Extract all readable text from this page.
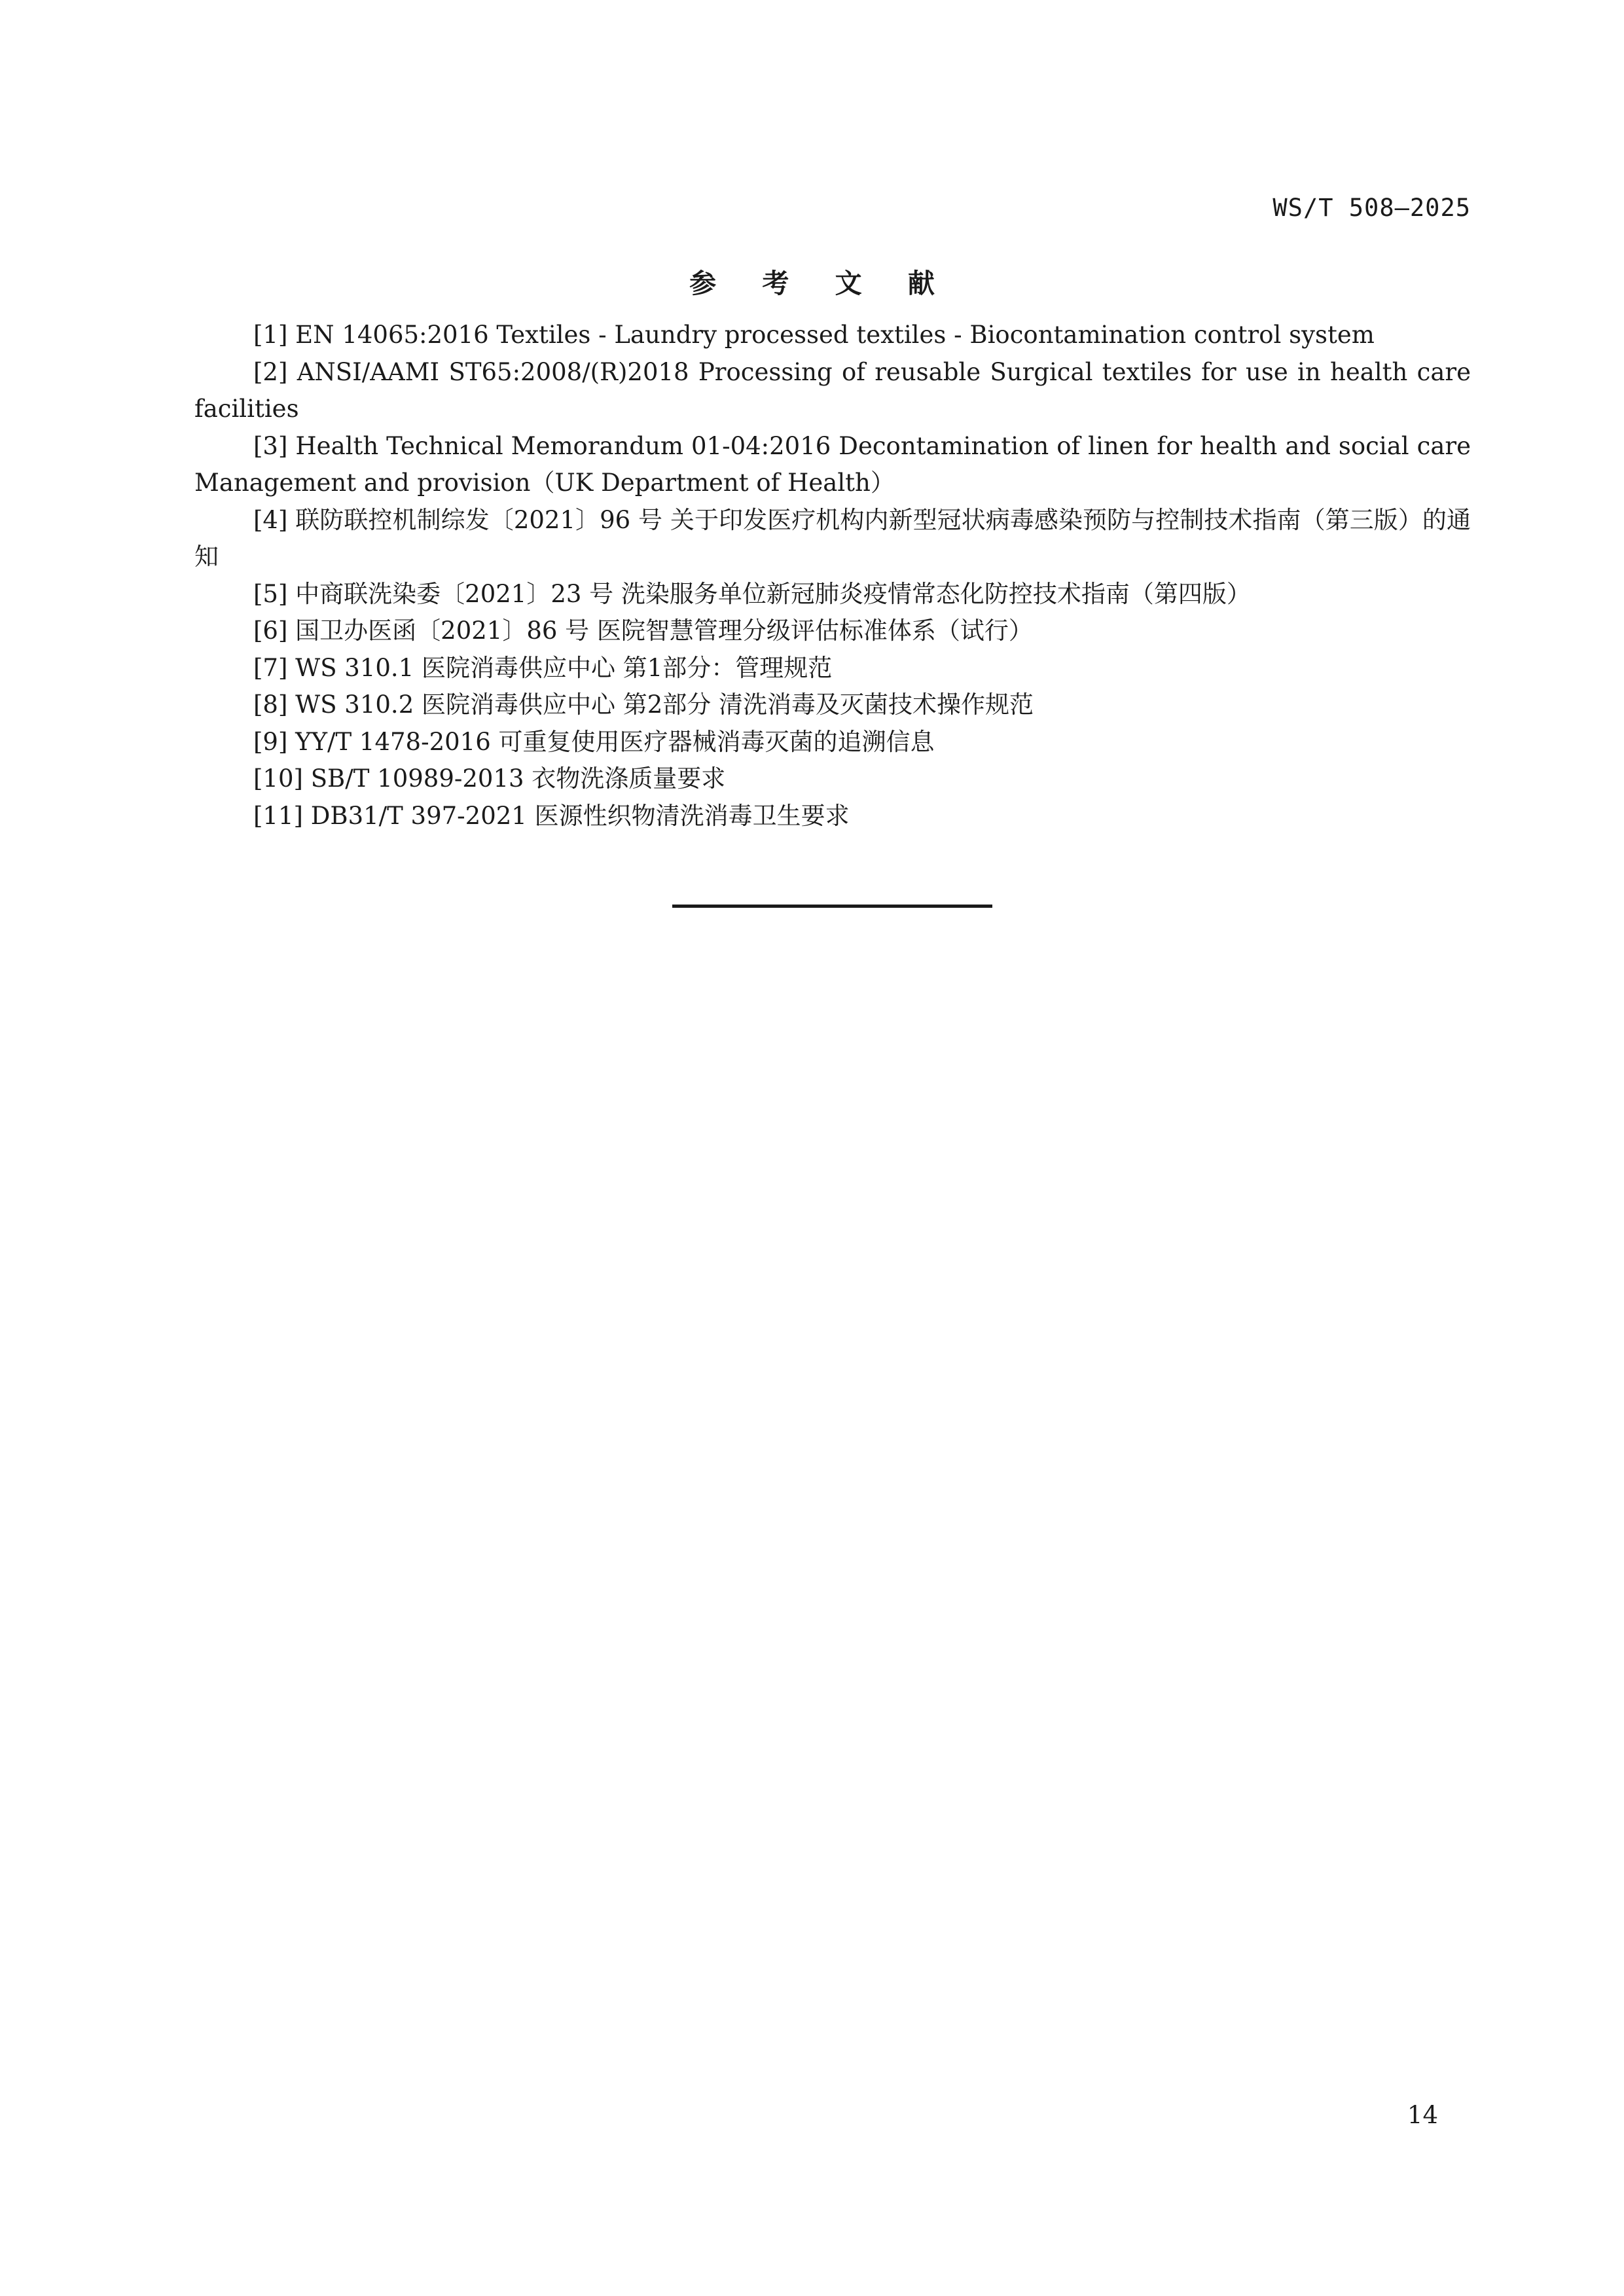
WS/T 508—2025
参 考 文 献
[1] EN 14065:2016 Textiles - Laundry processed textiles - Biocontamination control system
[2] ANSI/AAMI ST65:2008/(R)2018 Processing of reusable Surgical textiles for use in health care facilities
[3] Health Technical Memorandum 01-04:2016 Decontamination of linen for health and social care Management and provision（UK Department of Health）
[4] 联防联控机制综发〔2021〕96 号 关于印发医疗机构内新型冠状病毒感染预防与控制技术指南（第三版）的通知
[5] 中商联洗染委〔2021〕23 号 洗染服务单位新冠肺炎疫情常态化防控技术指南（第四版）
[6] 国卫办医函〔2021〕86 号 医院智慧管理分级评估标准体系（试行）
[7] WS 310.1 医院消毒供应中心 第1部分：管理规范
[8] WS 310.2 医院消毒供应中心 第2部分 清洗消毒及灭菌技术操作规范
[9] YY/T 1478-2016 可重复使用医疗器械消毒灭菌的追溯信息
[10] SB/T 10989-2013 衣物洗涤质量要求
[11] DB31/T 397-2021 医源性织物清洗消毒卫生要求
14
